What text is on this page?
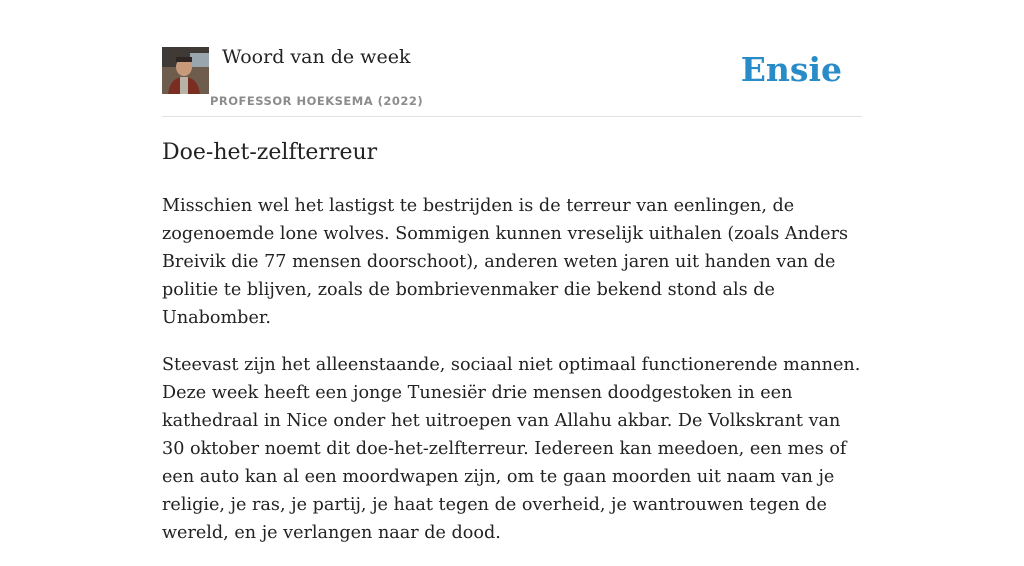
Woord van de week
PROFESSOR HOEKSEMA (2022)
Ensie
Doe-het-zelfterreur

Misschien wel het lastigst te bestrijden is de terreur van eenlingen, de zogenoemde lone wolves. Sommigen kunnen vreselijk uithalen (zoals Anders Breivik die 77 mensen doorschoot), anderen weten jaren uit handen van de politie te blijven, zoals de bombrievenmaker die bekend stond als de Unabomber.

Steevast zijn het alleenstaande, sociaal niet optimaal functionerende mannen. Deze week heeft een jonge Tunesiër drie mensen doodgestoken in een kathedraal in Nice onder het uitroepen van Allahu akbar. De Volkskrant van 30 oktober noemt dit doe-het-zelfterreur. Iedereen kan meedoen, een mes of een auto kan al een moordwapen zijn, om te gaan moorden uit naam van je religie, je ras, je partij, je haat tegen de overheid, je wantrouwen tegen de wereld, en je verlangen naar de dood.
